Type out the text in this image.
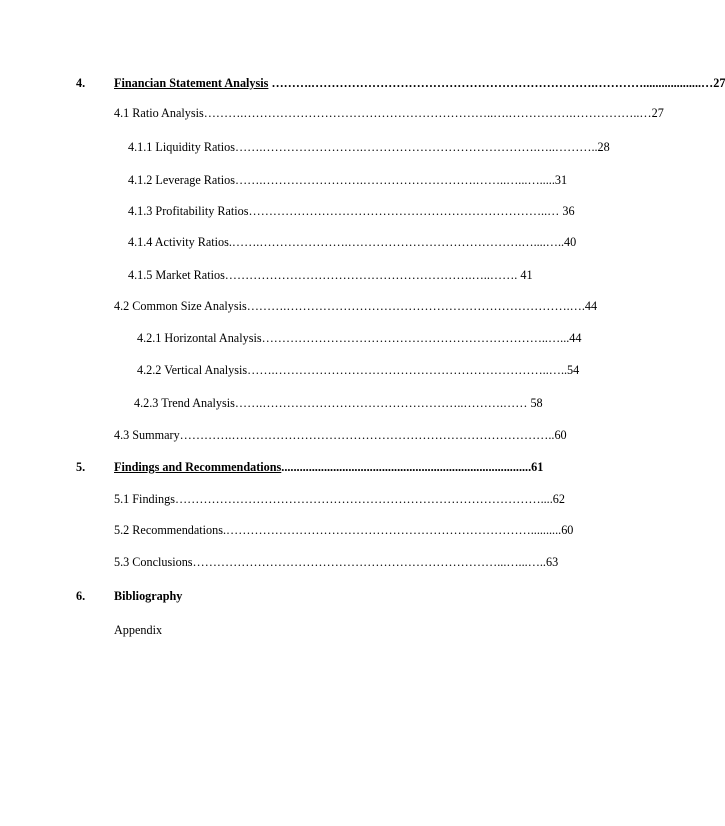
4. Financian Statement Analysis ……….…………………………………………………………….…………...................…27
4.1 Ratio Analysis……….……………………………………………………..….…………….……………..…27
4.1.1 Liquidity Ratios…….…………………….…………………………………….…..………..28
4.1.2 Leverage Ratios…….…………………….……………………….……..…...….....31
4.1.3 Profitability Ratios………………………………………………………………..… 36
4.1.4 Activity Ratios.…….………………….…………………………………….…....…..40
4.1.5 Market Ratios…………………………………………………….…..……. 41
4.2 Common Size Analysis……….…………………………………………………………….….44
4.2.1 Horizontal Analysis……………………………………………………………..…...44
4.2.2 Vertical Analysis…….…………………………………………………………..…..54
4.2.3 Trend Analysis…….…………………………………………..……….…… 58
4.3 Summary………….……………………………………………………………………..60
5. Findings and Recommendations..................................................................................61
5.1 Findings………………………………………………………………………………....62
5.2 Recommendations.…………………………………………………………………..........60
5.3 Conclusions…………………………………………………………………...…...…..63
6. Bibliography
Appendix
